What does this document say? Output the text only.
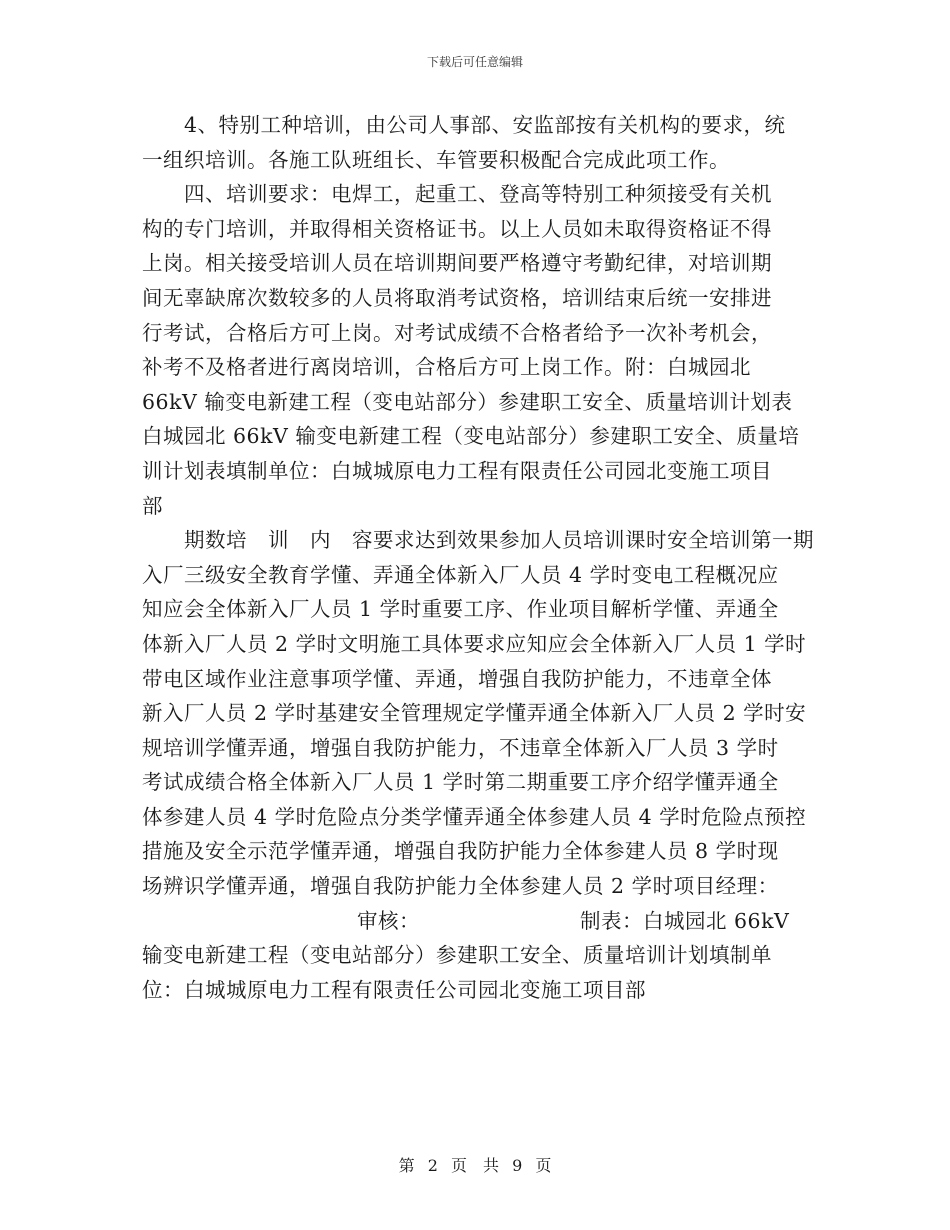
下载后可任意编辑
　　4、特别工种培训，由公司人事部、安监部按有关机构的要求，统
一组织培训。各施工队班组长、车管要积极配合完成此项工作。
　　四、培训要求：电焊工，起重工、登高等特别工种须接受有关机
构的专门培训，并取得相关资格证书。以上人员如未取得资格证不得
上岗。相关接受培训人员在培训期间要严格遵守考勤纪律，对培训期
间无辜缺席次数较多的人员将取消考试资格，培训结束后统一安排进
行考试，合格后方可上岗。对考试成绩不合格者给予一次补考机会，
补考不及格者进行离岗培训，合格后方可上岗工作。附：白城园北
66kV 输变电新建工程（变电站部分）参建职工安全、质量培训计划表
白城园北 66kV 输变电新建工程（变电站部分）参建职工安全、质量培
训计划表填制单位：白城城原电力工程有限责任公司园北变施工项目
部
　　期数培　训　内　容要求达到效果参加人员培训课时安全培训第一期
入厂三级安全教育学懂、弄通全体新入厂人员 4 学时变电工程概况应
知应会全体新入厂人员 1 学时重要工序、作业项目解析学懂、弄通全
体新入厂人员 2 学时文明施工具体要求应知应会全体新入厂人员 1 学时
带电区域作业注意事项学懂、弄通，增强自我防护能力，不违章全体
新入厂人员 2 学时基建安全管理规定学懂弄通全体新入厂人员 2 学时安
规培训学懂弄通，增强自我防护能力，不违章全体新入厂人员 3 学时
考试成绩合格全体新入厂人员 1 学时第二期重要工序介绍学懂弄通全
体参建人员 4 学时危险点分类学懂弄通全体参建人员 4 学时危险点预控
措施及安全示范学懂弄通，增强自我防护能力全体参建人员 8 学时现
场辨识学懂弄通，增强自我防护能力全体参建人员 2 学时项目经理：
审核：	制表：白城园北 66kV
输变电新建工程（变电站部分）参建职工安全、质量培训计划填制单
位：白城城原电力工程有限责任公司园北变施工项目部
第 2 页　共 9 页
